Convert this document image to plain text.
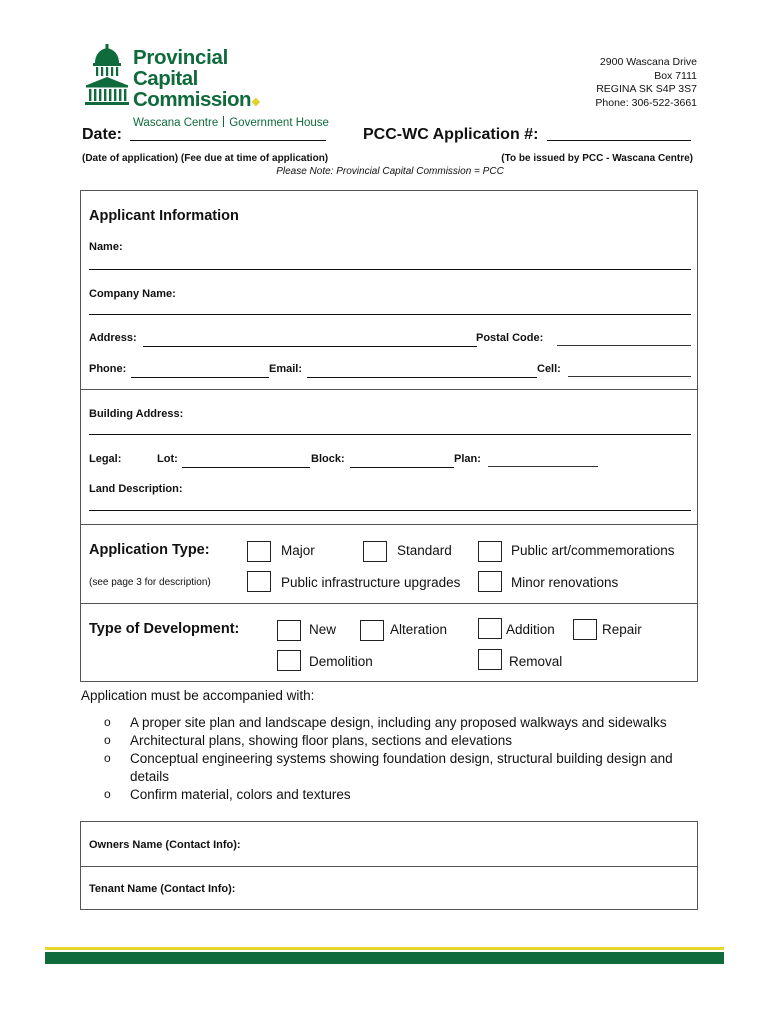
Provincial
Capital Commission❖
Wascana Centre Government House
2900 Wascana Drive
Box 7111
REGINA SK S4P 3S7
Phone: 306-522-3661
Date:	PCC-WC Application #:
(Date of application) (Fee due at time of application)	(To be issued by PCC - Wascana Centre)
Please Note: Provincial Capital Commission = PCC
Applicant Information
Name:
Company Name:
Address:	Postal Code:
Phone:	Email:	Cell:
Building Address:
Legal:	Lot:	Block:	Plan:
Land Description:
Application Type:
(see page 3 for description)
Major	Standard	Public art/commemorations
Public infrastructure upgrades	Minor renovations
Type of Development:	New	Alteration	Addition	Repair
Demolition	Removal
Application must be accompanied with:
o A proper site plan and landscape design, including any proposed walkways and sidewalks
o Architectural plans, showing floor plans, sections and elevations
o Conceptual engineering systems showing foundation design, structural building design and details
o Confirm material, colors and textures
Owners Name (Contact Info):
Tenant Name (Contact Info):
